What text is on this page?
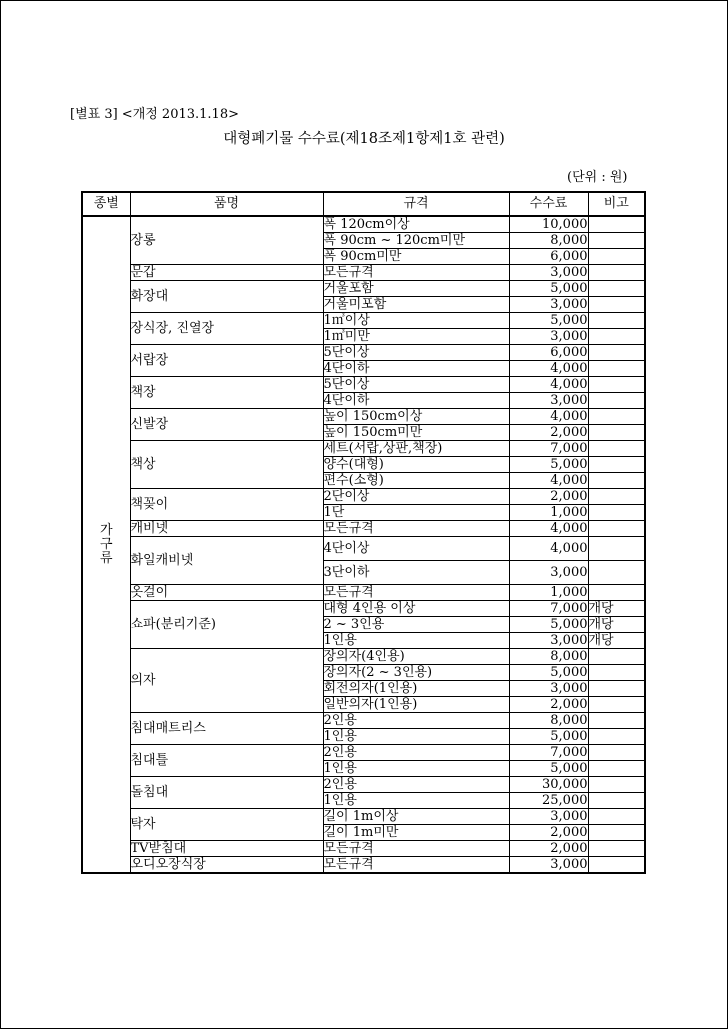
[별표 3] <개정 2013.1.18>
대형폐기물 수수료(제18조제1항제1호 관련)
(단위 : 원)
종별	품명	규격	수수료	비고

가
구
류	장롱	폭 120cm이상	10,000	
		폭 90cm ~ 120cm미만	8,000	
		폭 90cm미만	6,000	
	문갑	모든규격	3,000	
	화장대	거울포함	5,000	
		거울미포함	3,000	
	장식장, 진열장	1㎥이상	5,000	
		1㎥미만	3,000	
	서랍장	5단이상	6,000	
		4단이하	4,000	
	책장	5단이상	4,000	
		4단이하	3,000	
	신발장	높이 150cm이상	4,000	
		높이 150cm미만	2,000	
	책상	세트(서랍,상판,책장)	7,000	
		양수(대형)	5,000	
		편수(소형)	4,000	
	책꽂이	2단이상	2,000	
		1단	1,000	
	캐비넷	모든규격	4,000	
	화일캐비넷	4단이상	4,000	
		3단이하	3,000	
	옷걸이	모든규격	1,000	
	쇼파(분리기준)	대형 4인용 이상	7,000	개당
		2 ~ 3인용	5,000	개당
		1인용	3,000	개당
	의자	장의자(4인용)	8,000	
		장의자(2 ~ 3인용)	5,000	
		회전의자(1인용)	3,000	
		일반의자(1인용)	2,000	
	침대매트리스	2인용	8,000	
		1인용	5,000	
	침대틀	2인용	7,000	
		1인용	5,000	
	돌침대	2인용	30,000	
		1인용	25,000	
	탁자	길이 1m이상	3,000	
		길이 1m미만	2,000	
	TV받침대	모든규격	2,000	
	오디오장식장	모든규격	3,000	
